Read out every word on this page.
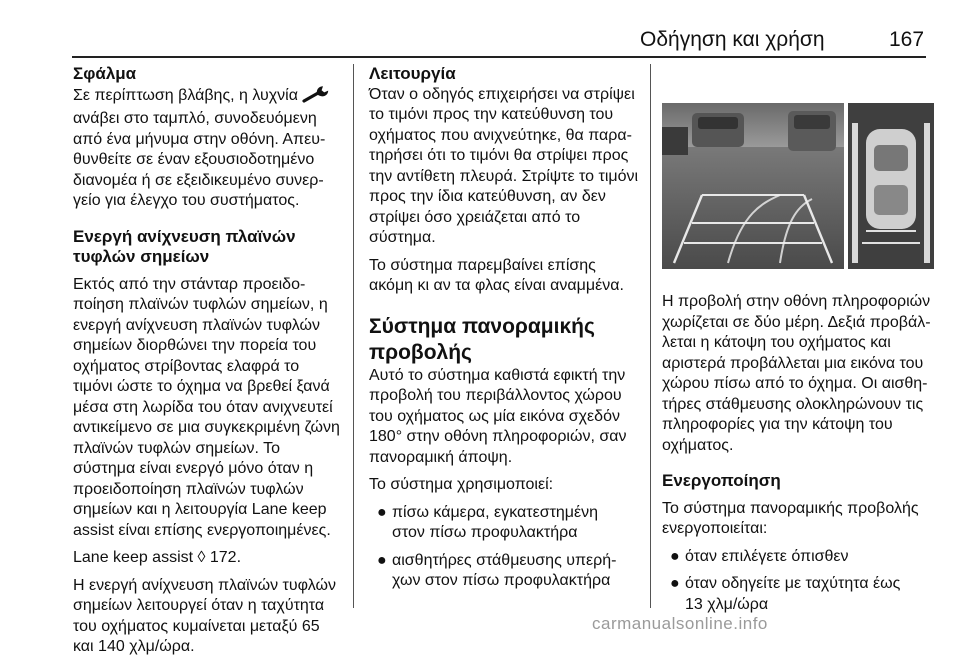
Οδήγηση και χρήση	167
Σφάλμα
Σε περίπτωση βλάβης, η λυχνία
ανάβει στο ταμπλό, συνοδευόμενη
από ένα μήνυμα στην οθόνη. Απευ-
θυνθείτε σε έναν εξουσιοδοτημένο
διανομέα ή σε εξειδικευμένο συνερ-
γείο για έλεγχο του συστήματος.
Ενεργή ανίχνευση πλαϊνών
τυφλών σημείων
Εκτός από την στάνταρ προειδο-
ποίηση πλαϊνών τυφλών σημείων, η
ενεργή ανίχνευση πλαϊνών τυφλών
σημείων διορθώνει την πορεία του
οχήματος στρίβοντας ελαφρά το
τιμόνι ώστε το όχημα να βρεθεί ξανά
μέσα στη λωρίδα του όταν ανιχνευτεί
αντικείμενο σε μια συγκεκριμένη ζώνη
πλαϊνών τυφλών σημείων. Το
σύστημα είναι ενεργό μόνο όταν η
προειδοποίηση πλαϊνών τυφλών
σημείων και η λειτουργία Lane keep
assist είναι επίσης ενεργοποιημένες.
Lane keep assist ◊ 172.
Η ενεργή ανίχνευση πλαϊνών τυφλών
σημείων λειτουργεί όταν η ταχύτητα
του οχήματος κυμαίνεται μεταξύ 65
και 140 χλμ/ώρα.
Λειτουργία
Όταν ο οδηγός επιχειρήσει να στρίψει
το τιμόνι προς την κατεύθυνση του
οχήματος που ανιχνεύτηκε, θα παρα-
τηρήσει ότι το τιμόνι θα στρίψει προς
την αντίθετη πλευρά. Στρίψτε το τιμόνι
προς την ίδια κατεύθυνση, αν δεν
στρίψει όσο χρειάζεται από το
σύστημα.
Το σύστημα παρεμβαίνει επίσης
ακόμη κι αν τα φλας είναι αναμμένα.
Σύστημα πανοραμικής
προβολής
Αυτό το σύστημα καθιστά εφικτή την
προβολή του περιβάλλοντος χώρου
του οχήματος ως μία εικόνα σχεδόν
180° στην οθόνη πληροφοριών, σαν
πανοραμική άποψη.
Το σύστημα χρησιμοποιεί:
● πίσω κάμερα, εγκατεστημένη
στον πίσω προφυλακτήρα
● αισθητήρες στάθμευσης υπερή-
χων στον πίσω προφυλακτήρα
Η προβολή στην οθόνη πληροφοριών
χωρίζεται σε δύο μέρη. Δεξιά προβάλ-
λεται η κάτοψη του οχήματος και
αριστερά προβάλλεται μια εικόνα του
χώρου πίσω από το όχημα. Οι αισθη-
τήρες στάθμευσης ολοκληρώνουν τις
πληροφορίες για την κάτοψη του
οχήματος.
Ενεργοποίηση
Το σύστημα πανοραμικής προβολής
ενεργοποιείται:
● όταν επιλέγετε όπισθεν
● όταν οδηγείτε με ταχύτητα έως
13 χλμ/ώρα
carmanualsonline.info
